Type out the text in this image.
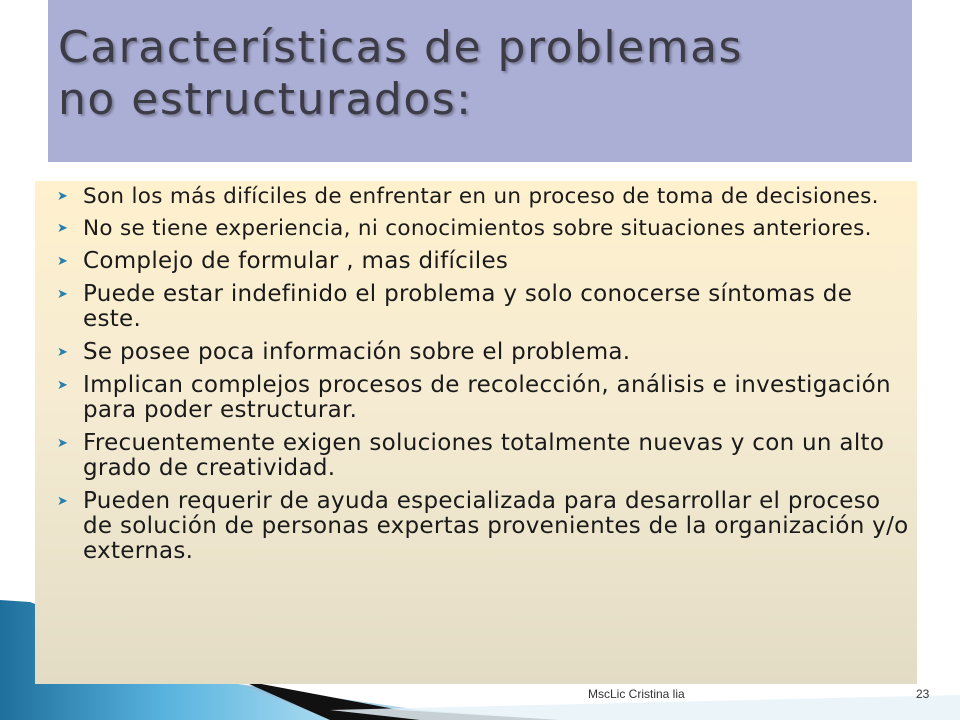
Características de problemas
no estructurados:
➤ Son los más difíciles de enfrentar en un proceso de toma de decisiones.
➤ No se tiene experiencia, ni conocimientos sobre situaciones anteriores.
➤ Complejo de formular , mas difíciles
➤ Puede estar indefinido el problema y solo conocerse síntomas de este.
➤ Se posee poca información sobre el problema.
➤ Implican complejos procesos de recolección, análisis e investigación para poder estructurar.
➤ Frecuentemente exigen soluciones totalmente nuevas y con un alto grado de creatividad.
➤ Pueden requerir de ayuda especializada para desarrollar el proceso de solución de personas expertas provenientes de la organización y/o externas.
MscLic Cristina lia	23
